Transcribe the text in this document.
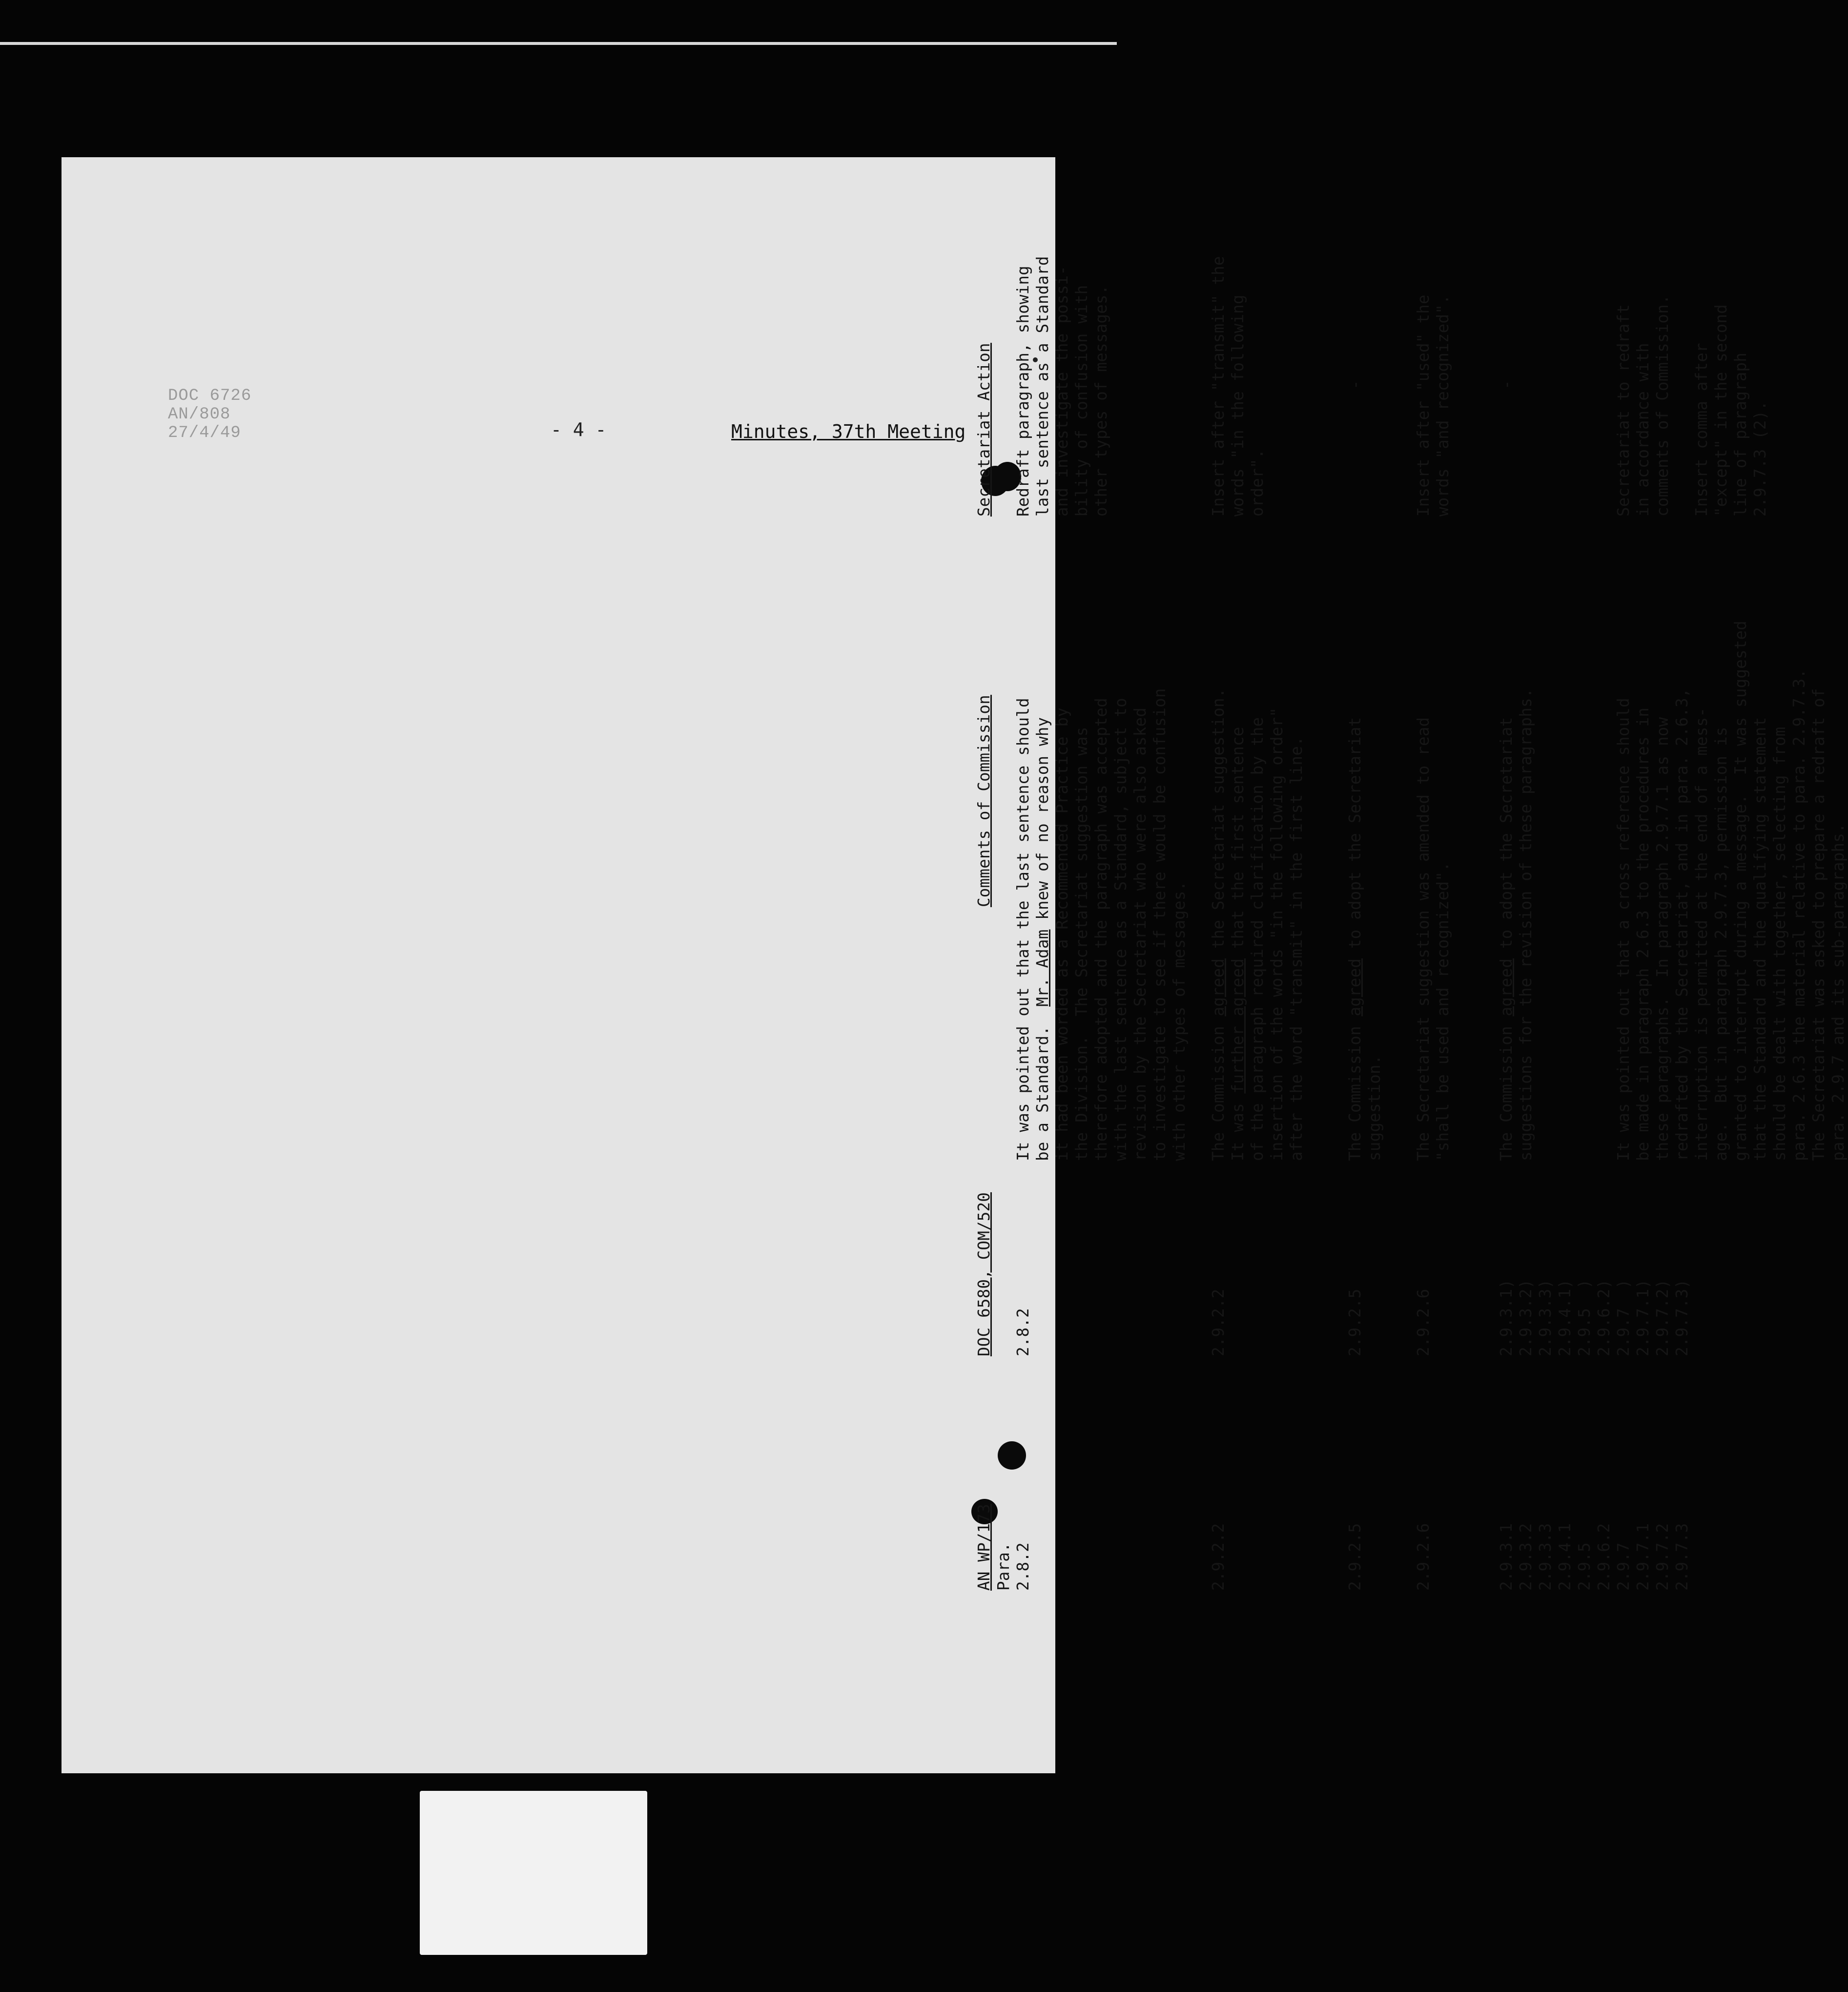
DOC 6726
AN/808
27/4/49	- 4 -	Minutes, 37th Meeting
AN WP/173 Para.
DOC 6580, COM/520
Comments of Commission
Secretariat Action
2.8.2
2.8.2
It was pointed out that the last sentence should
be a Standard.  Mr. Adam knew of no reason why
it had been worded as a Recommended Practice by
the Division.  The Secretariat suggestion was
therefore adopted and the paragraph was accepted
with the last sentence as a Standard, subject to
revision by the Secretariat who were also asked
to investigate to see if there would be confusion
with other types of messages.
Redraft paragraph, showing
last sentence as a Standard
and investigate the possi-
bility of confusion with
other types of messages.
2.9.2.2
2.9.2.2
The Commission agreed the Secretariat suggestion.
It was further agreed that the first sentence
of the paragraph required clarification by the
insertion of the words "in the following order"
after the word "transmit" in the first line.
Insert after "transmit" the
words "in the following
order".
2.9.2.5
2.9.2.5
The Commission agreed to adopt the Secretariat
suggestion.
-
2.9.2.6
2.9.2.6
The Secretariat suggestion was amended to read
"shall be used and recognized".
Insert after "used" the
words "and recognized".
2.9.3.1
2.9.3.2
2.9.3.3
2.9.4.1
2.9.5
2.9.6.2
2.9.3.1)
2.9.3.2)
2.9.3.3)
2.9.4.1)
2.9.5  )
2.9.6.2)
The Commission agreed to adopt the Secretariat
suggestions for the revision of these paragraphs.
-
2.9.7
2.9.7.1
2.9.7.2
2.9.7.3
2.9.7  )
2.9.7.1)
2.9.7.2)
2.9.7.3)
It was pointed out that a cross reference should
be made in paragraph 2.6.3 to the procedures in
these paragraphs.  In paragraph 2.9.7.1 as now
redrafted by the Secretariat, and in para. 2.6.3,
interruption is permitted at the end of a mess-
age.  But in paragraph 2.9.7.3, permission is
granted to interrupt during a message.  It was suggested
that the Standard and the qualifying statement
should be dealt with together, selecting from
para. 2.6.3 the material relative to para. 2.9.7.3.
The Secretariat was asked to prepare a redraft of
para. 2.9.7 and its sub-paragraphs.
Secretariat to redraft
in accordance with
comments of Commission.

Insert comma after
"except" in the second
line of paragraph
2.9.7.3 (2).
